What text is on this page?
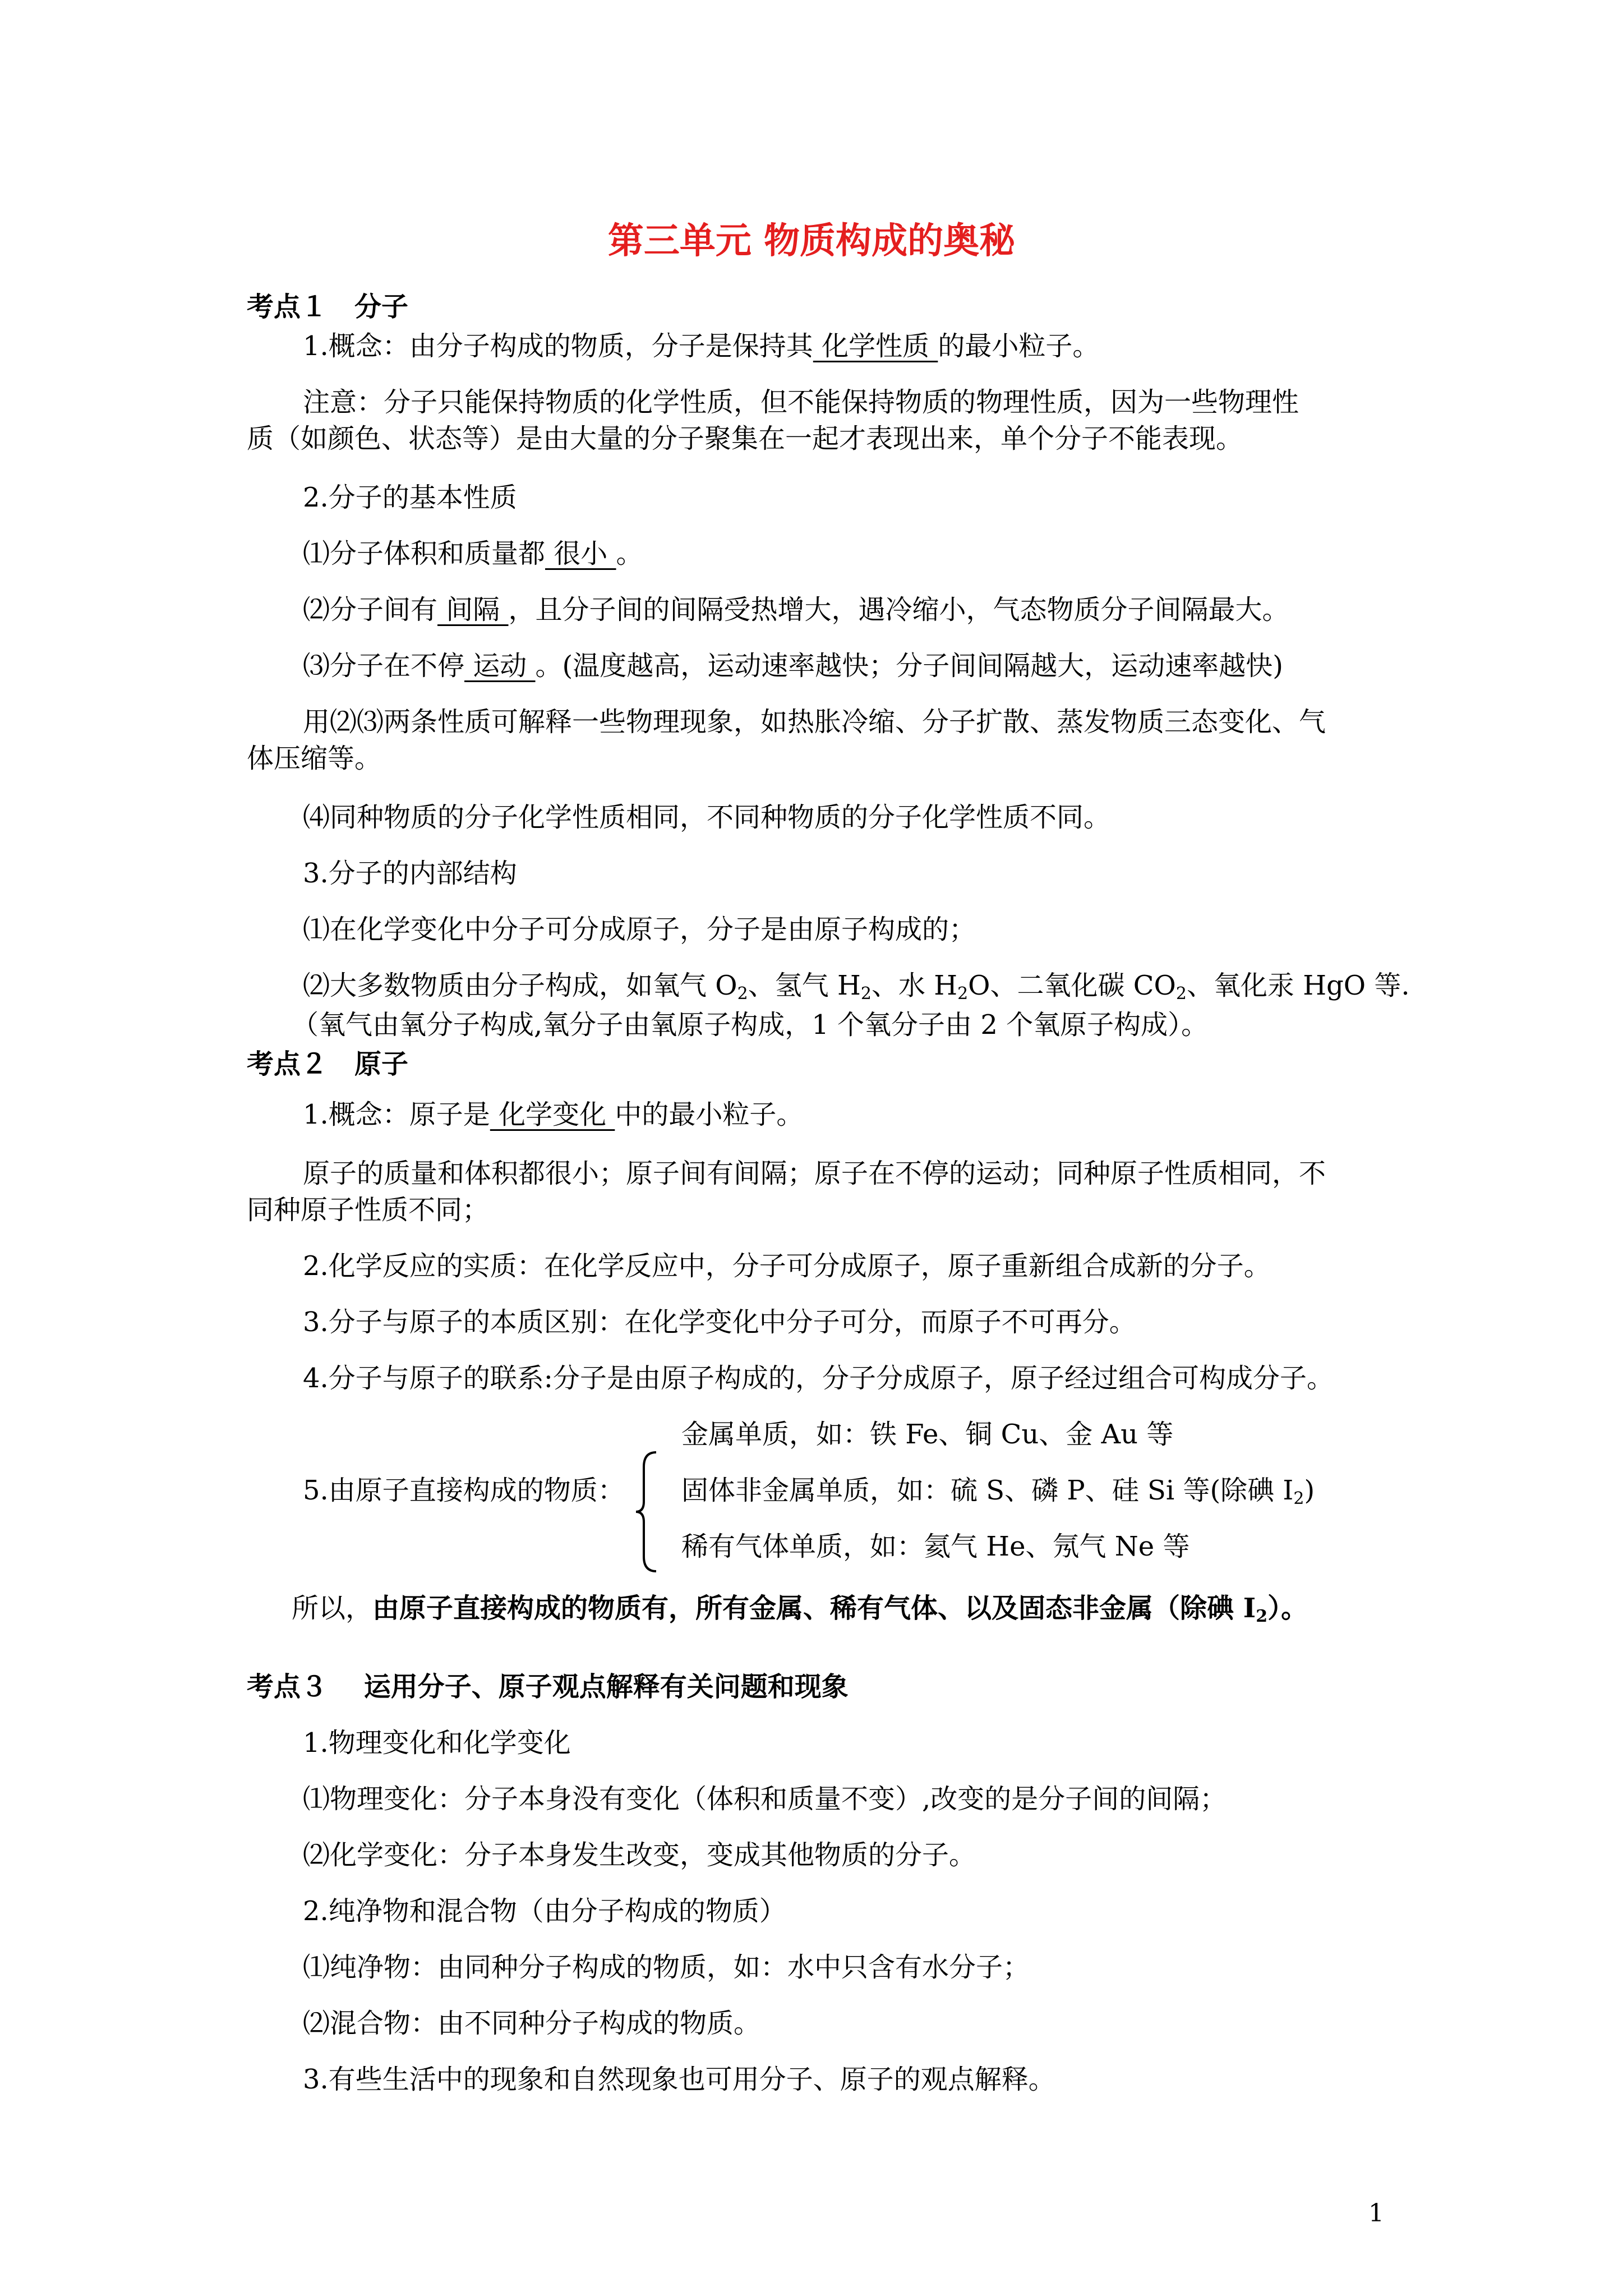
第三单元 物质构成的奥秘
考点１　分子
1.概念：由分子构成的物质，分子是保持其 化学性质 的最小粒子。
注意：分子只能保持物质的化学性质，但不能保持物质的物理性质，因为一些物理性
质（如颜色、状态等）是由大量的分子聚集在一起才表现出来，单个分子不能表现。
2.分子的基本性质
⑴分子体积和质量都 很小 。
⑵分子间有 间隔 ，且分子间的间隔受热增大，遇冷缩小，气态物质分子间隔最大。
⑶分子在不停 运动 。(温度越高，运动速率越快；分子间间隔越大，运动速率越快)
用⑵⑶两条性质可解释一些物理现象，如热胀冷缩、分子扩散、蒸发物质三态变化、气
体压缩等。
⑷同种物质的分子化学性质相同，不同种物质的分子化学性质不同。
3.分子的内部结构
⑴在化学变化中分子可分成原子，分子是由原子构成的；
⑵大多数物质由分子构成，如氧气 $O_2$、氢气 $H_2$、水 $H_2O$、二氧化碳 $CO_2$、氧化汞 HgO 等.
（氧气由氧分子构成,氧分子由氧原子构成，1 个氧分子由 2 个氧原子构成）。
考点２　原子
1.概念：原子是 化学变化 中的最小粒子。
原子的质量和体积都很小；原子间有间隔；原子在不停的运动；同种原子性质相同，不
同种原子性质不同；
2.化学反应的实质：在化学反应中，分子可分成原子，原子重新组合成新的分子。
3.分子与原子的本质区别：在化学变化中分子可分，而原子不可再分。
4.分子与原子的联系:分子是由原子构成的，分子分成原子，原子经过组合可构成分子。
金属单质，如：铁 Fe、铜 Cu、金 Au 等
5.由原子直接构成的物质： 固体非金属单质，如：硫 S、磷 P、硅 Si 等(除碘 $I_2$)
稀有气体单质，如：氦气 He、氖气 Ne 等
所以，由原子直接构成的物质有，所有金属、稀有气体、以及固态非金属（除碘 $I_2$）。
考点３　 运用分子、原子观点解释有关问题和现象
1.物理变化和化学变化
⑴物理变化：分子本身没有变化（体积和质量不变）,改变的是分子间的间隔；
⑵化学变化：分子本身发生改变，变成其他物质的分子。
2.纯净物和混合物（由分子构成的物质）
⑴纯净物：由同种分子构成的物质，如：水中只含有水分子；
⑵混合物：由不同种分子构成的物质。
3.有些生活中的现象和自然现象也可用分子、原子的观点解释。
1
